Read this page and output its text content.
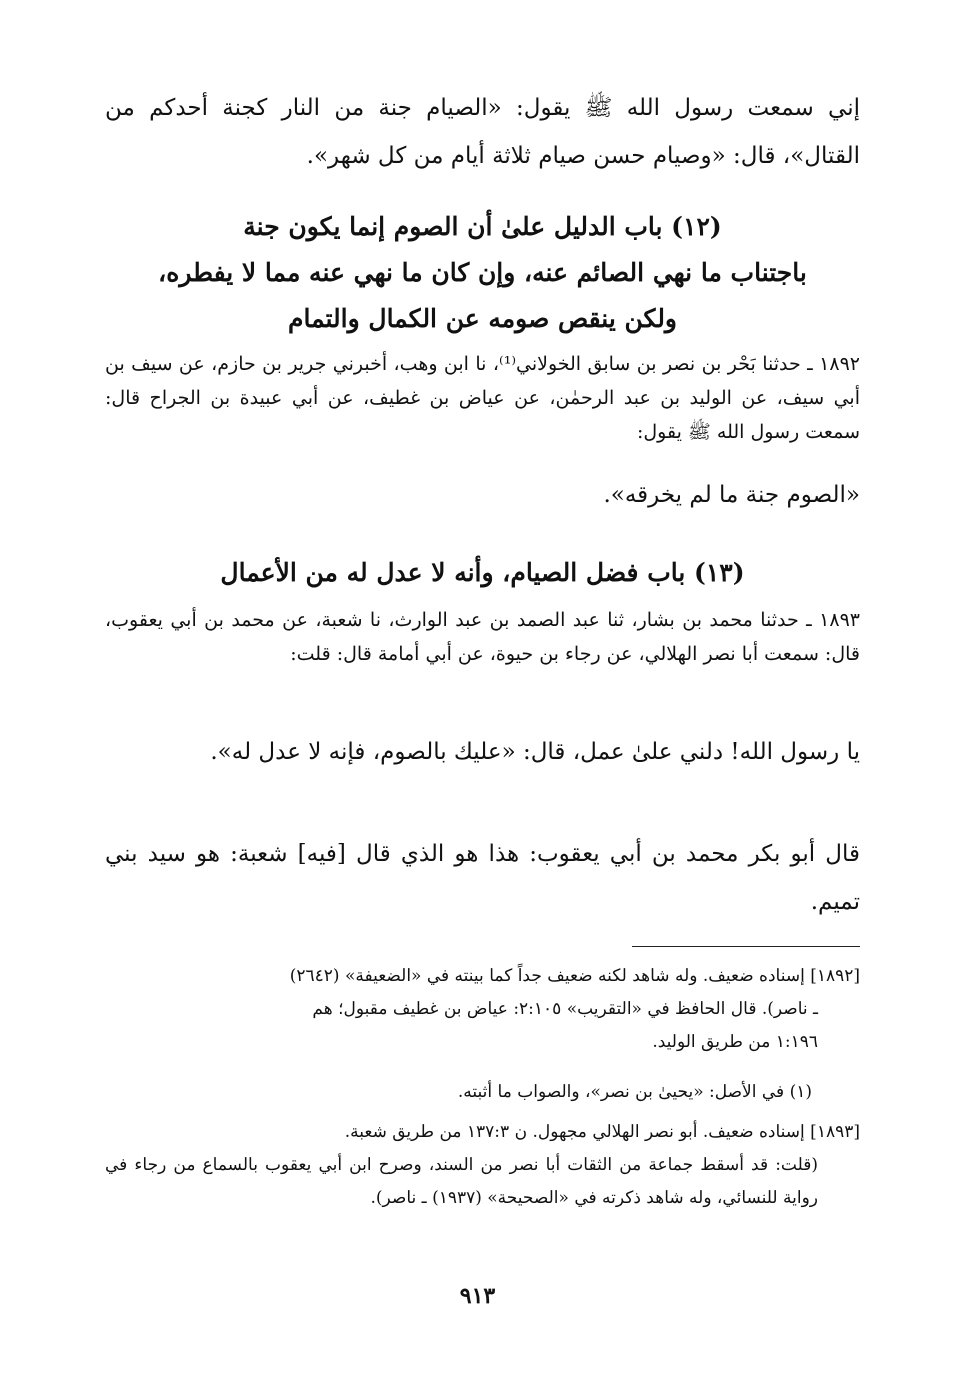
إني سمعت رسول الله ﷺ يقول: «الصيام جنة من النار كجنة أحدكم من القتال»، قال: «وصيام حسن صيام ثلاثة أيام من كل شهر».

(١٢) باب الدليل علىٰ أن الصوم إنما يكون جنة
باجتناب ما نهي الصائم عنه، وإن كان ما نهي عنه مما لا يفطره،
ولكن ينقص صومه عن الكمال والتمام

١٨٩٢ ـ حدثنا بَحْر بن نصر بن سابق الخولاني⁽¹⁾، نا ابن وهب، أخبرني جرير بن حازم، عن سيف بن أبي سيف، عن الوليد بن عبد الرحمٰن، عن عياض بن غطيف، عن أبي عبيدة بن الجراح قال: سمعت رسول الله ﷺ يقول:

«الصوم جنة ما لم يخرقه».

(١٣) باب فضل الصيام، وأنه لا عدل له من الأعمال

١٨٩٣ ـ حدثنا محمد بن بشار، ثنا عبد الصمد بن عبد الوارث، نا شعبة، عن محمد بن أبي يعقوب، قال: سمعت أبا نصر الهلالي، عن رجاء بن حيوة، عن أبي أمامة قال: قلت:

يا رسول الله! دلني علىٰ عمل، قال: «عليك بالصوم، فإنه لا عدل له».

قال أبو بكر محمد بن أبي يعقوب: هذا هو الذي قال [فيه] شعبة: هو سيد بني تميم.

[١٨٩٢] إسناده ضعيف. وله شاهد لكنه ضعيف جداً كما بينته في «الضعيفة» (٢٦٤٢)
ـ ناصر). قال الحافظ في «التقريب» ٢:١٠٥: عياض بن غطيف مقبول؛ هم
١:١٩٦ من طريق الوليد.

(١) في الأصل: «يحيىٰ بن نصر»، والصواب ما أثبته.

[١٨٩٣] إسناده ضعيف. أبو نصر الهلالي مجهول. ن ١٣٧:٣ من طريق شعبة.
(قلت: قد أسقط جماعة من الثقات أبا نصر من السند، وصرح ابن أبي يعقوب بالسماع من رجاء في رواية للنسائي، وله شاهد ذكرته في «الصحيحة» (١٩٣٧) ـ ناصر).
٩١٣
